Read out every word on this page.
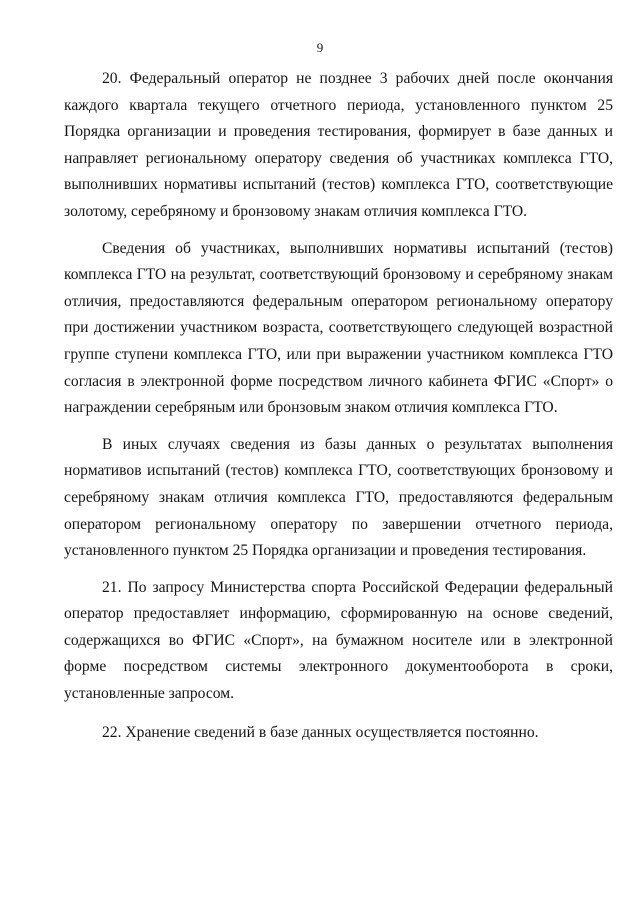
9

20. Федеральный оператор не позднее 3 рабочих дней после окончания каждого квартала текущего отчетного периода, установленного пунктом 25 Порядка организации и проведения тестирования, формирует в базе данных и направляет региональному оператору сведения об участниках комплекса ГТО, выполнивших нормативы испытаний (тестов) комплекса ГТО, соответствующие золотому, серебряному и бронзовому знакам отличия комплекса ГТО.

Сведения об участниках, выполнивших нормативы испытаний (тестов) комплекса ГТО на результат, соответствующий бронзовому и серебряному знакам отличия, предоставляются федеральным оператором региональному оператору при достижении участником возраста, соответствующего следующей возрастной группе ступени комплекса ГТО, или при выражении участником комплекса ГТО согласия в электронной форме посредством личного кабинета ФГИС «Спорт» о награждении серебряным или бронзовым знаком отличия комплекса ГТО.

В иных случаях сведения из базы данных о результатах выполнения нормативов испытаний (тестов) комплекса ГТО, соответствующих бронзовому и серебряному знакам отличия комплекса ГТО, предоставляются федеральным оператором региональному оператору по завершении отчетного периода, установленного пунктом 25 Порядка организации и проведения тестирования.

21. По запросу Министерства спорта Российской Федерации федеральный оператор предоставляет информацию, сформированную на основе сведений, содержащихся во ФГИС «Спорт», на бумажном носителе или в электронной форме посредством системы электронного документооборота в сроки, установленные запросом.

22. Хранение сведений в базе данных осуществляется постоянно.
